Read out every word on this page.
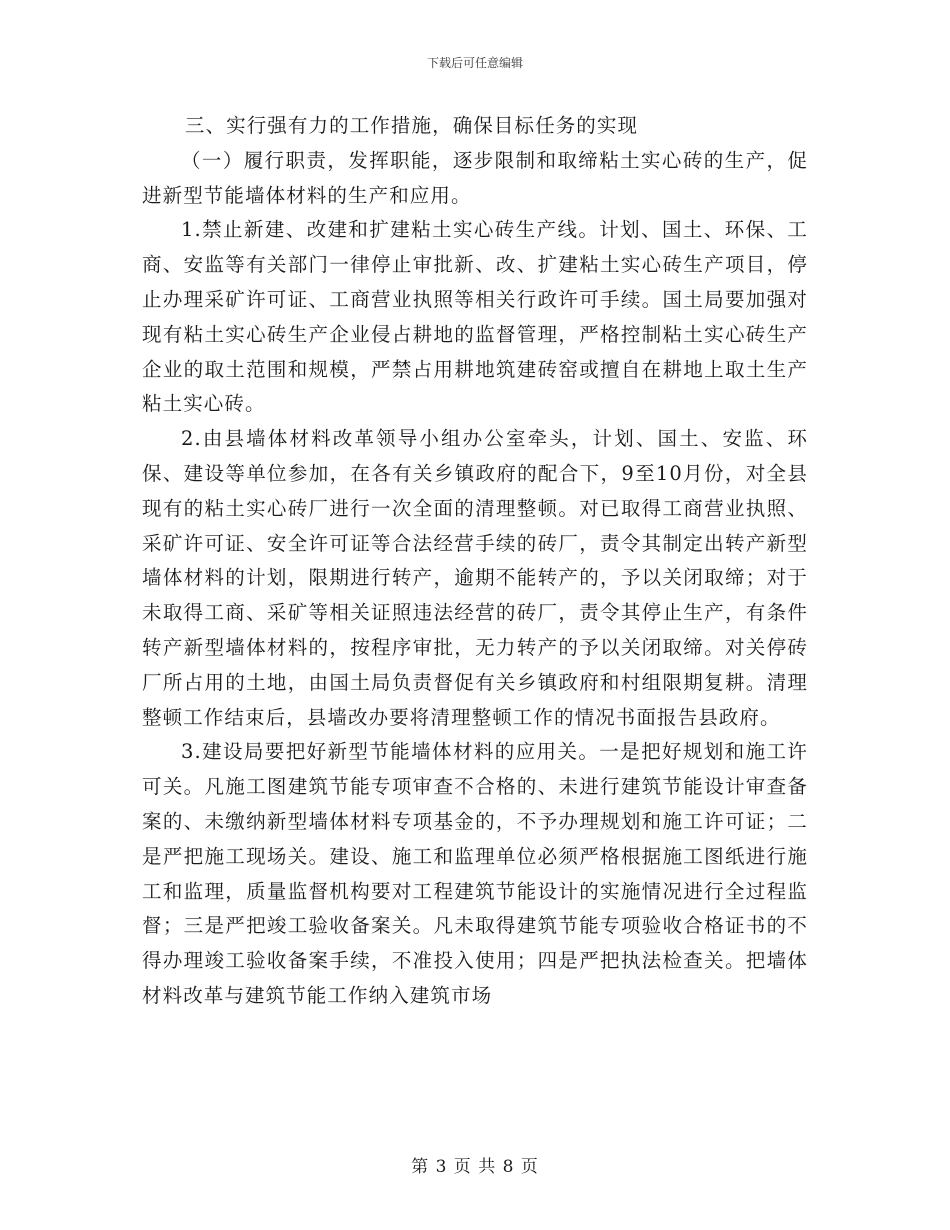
下载后可任意编辑

三、实行强有力的工作措施，确保目标任务的实现

（一）履行职责，发挥职能，逐步限制和取缔粘土实心砖的生产，促进新型节能墙体材料的生产和应用。

1.禁止新建、改建和扩建粘土实心砖生产线。计划、国土、环保、工商、安监等有关部门一律停止审批新、改、扩建粘土实心砖生产项目，停止办理采矿许可证、工商营业执照等相关行政许可手续。国土局要加强对现有粘土实心砖生产企业侵占耕地的监督管理，严格控制粘土实心砖生产企业的取土范围和规模，严禁占用耕地筑建砖窑或擅自在耕地上取土生产粘土实心砖。

2.由县墙体材料改革领导小组办公室牵头，计划、国土、安监、环保、建设等单位参加，在各有关乡镇政府的配合下，9至10月份，对全县现有的粘土实心砖厂进行一次全面的清理整顿。对已取得工商营业执照、采矿许可证、安全许可证等合法经营手续的砖厂，责令其制定出转产新型墙体材料的计划，限期进行转产，逾期不能转产的，予以关闭取缔；对于未取得工商、采矿等相关证照违法经营的砖厂，责令其停止生产，有条件转产新型墙体材料的，按程序审批，无力转产的予以关闭取缔。对关停砖厂所占用的土地，由国土局负责督促有关乡镇政府和村组限期复耕。清理整顿工作结束后，县墙改办要将清理整顿工作的情况书面报告县政府。

3.建设局要把好新型节能墙体材料的应用关。一是把好规划和施工许可关。凡施工图建筑节能专项审查不合格的、未进行建筑节能设计审查备案的、未缴纳新型墙体材料专项基金的，不予办理规划和施工许可证；二是严把施工现场关。建设、施工和监理单位必须严格根据施工图纸进行施工和监理，质量监督机构要对工程建筑节能设计的实施情况进行全过程监督；三是严把竣工验收备案关。凡未取得建筑节能专项验收合格证书的不得办理竣工验收备案手续，不准投入使用；四是严把执法检查关。把墙体材料改革与建筑节能工作纳入建筑市场

第 3 页 共 8 页
